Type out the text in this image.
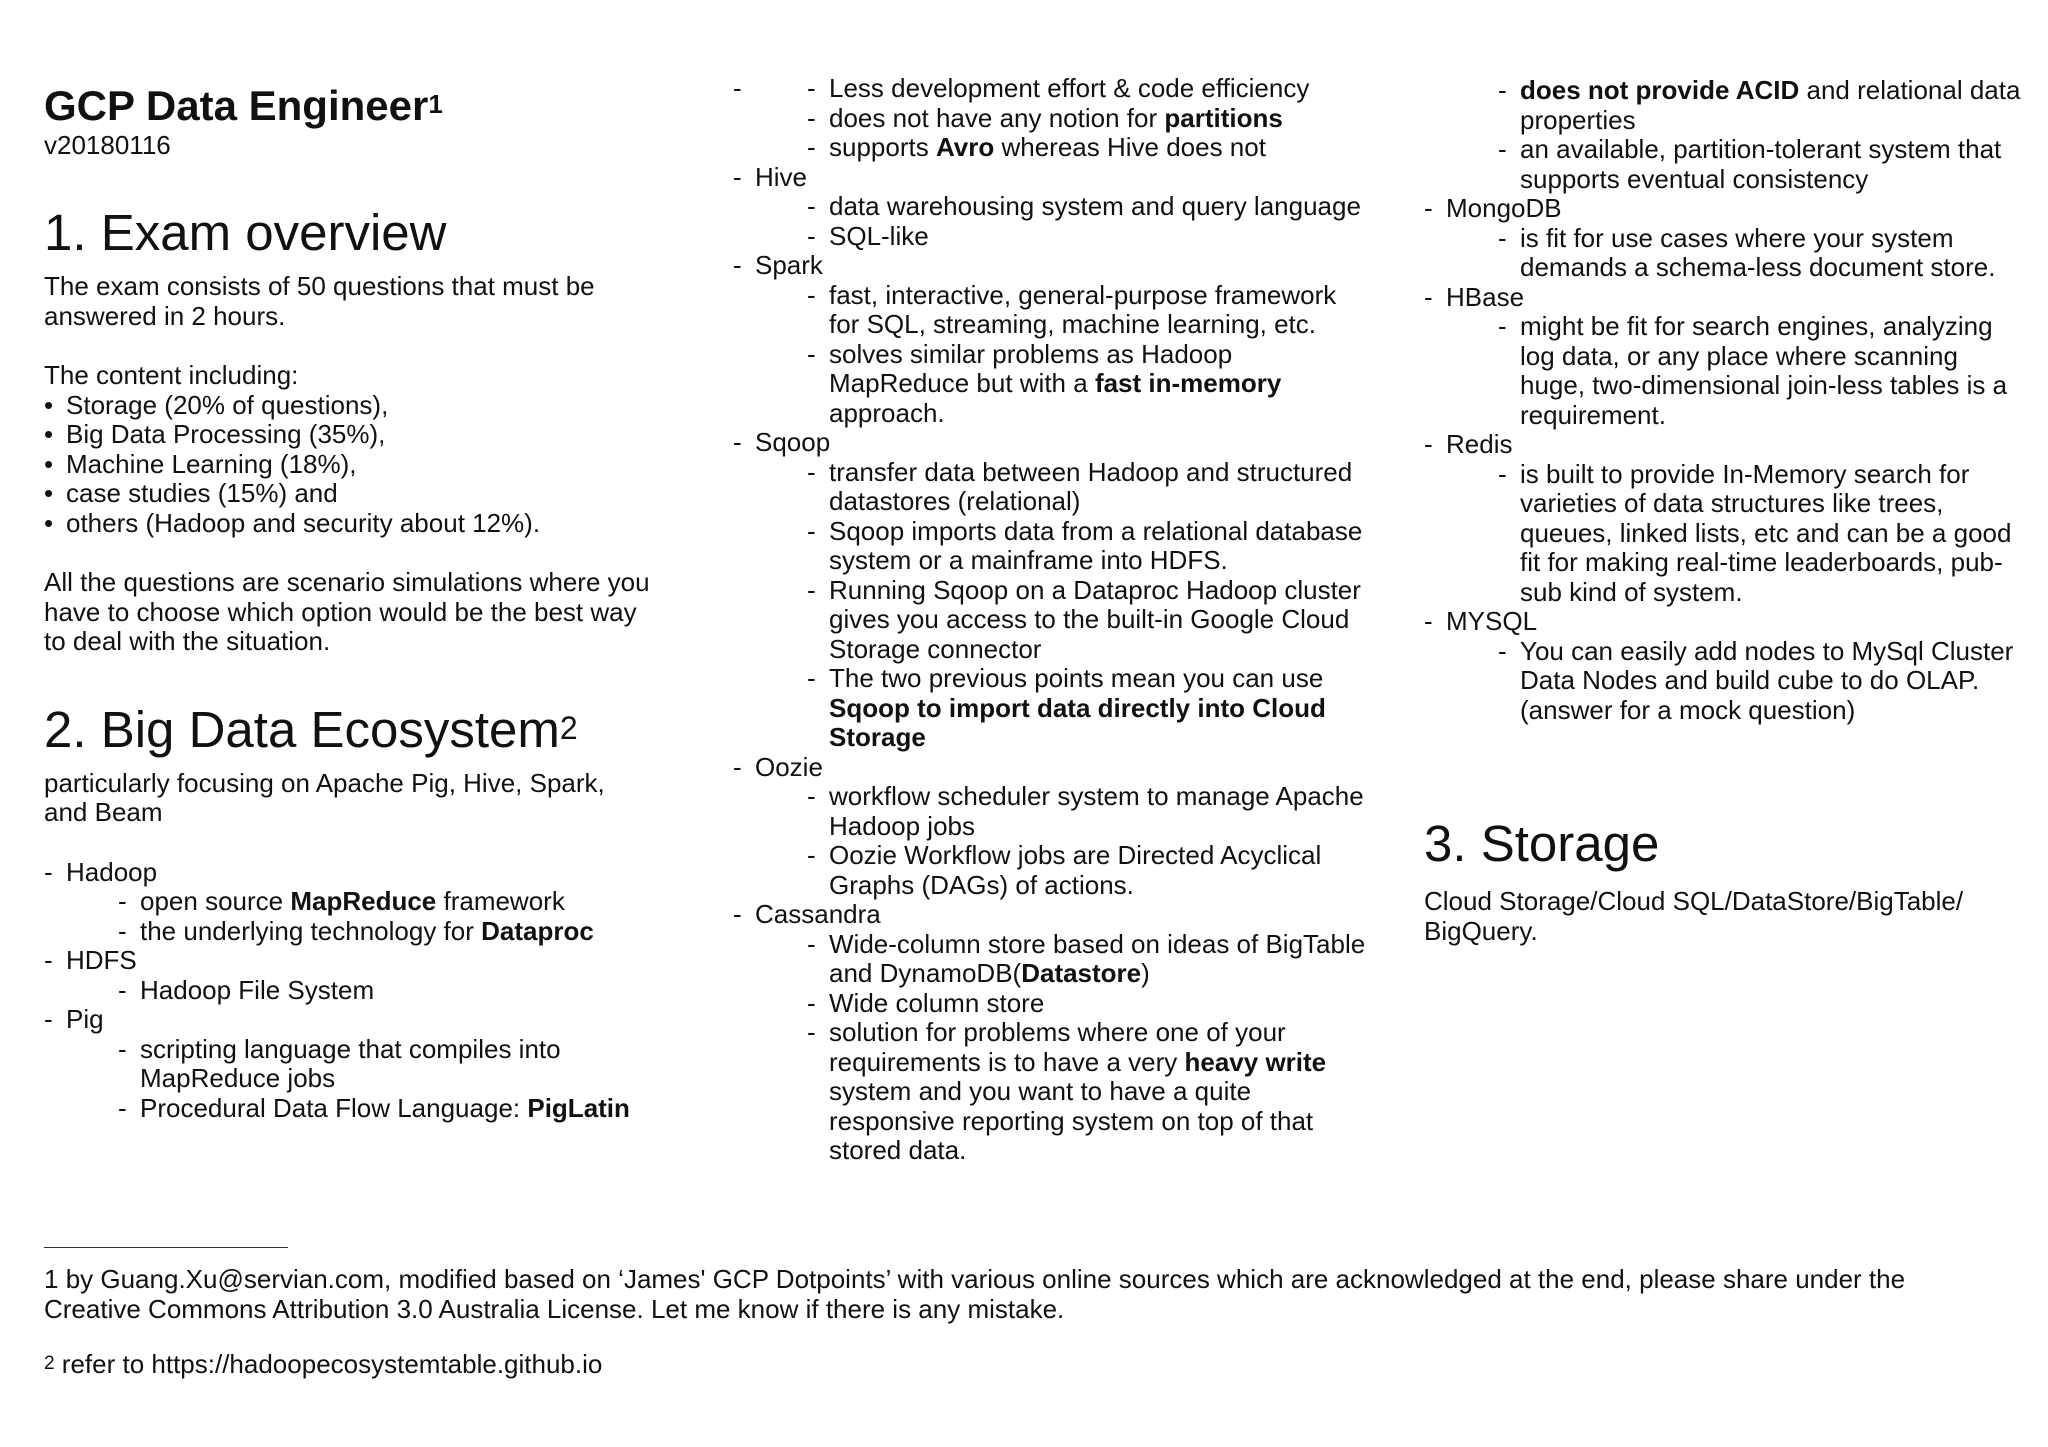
GCP Data Engineer$^1$
v20180116
1. Exam overview

The exam consists of 50 questions that must be answered in 2 hours.

The content including:

• Storage (20% of questions),
• Big Data Processing (35%),
• Machine Learning (18%),
• case studies (15%) and
• others (Hadoop and security about 12%).

All the questions are scenario simulations where you have to choose which option would be the best way to deal with the situation.

2. Big Data Ecosystem$^2$

particularly focusing on Apache Pig, Hive, Spark, and Beam

- Hadoop
- open source MapReduce framework
- the underlying technology for Dataproc
- HDFS
- Hadoop File System
- Pig
- scripting language that compiles into MapReduce jobs
- Procedural Data Flow Language: PigLatin
- - Less development effort & code efficiency
- does not have any notion for partitions
- supports Avro whereas Hive does not
- Hive
- data warehousing system and query language
- SQL-like
- Spark
- fast, interactive, general-purpose framework for SQL, streaming, machine learning, etc.
- solves similar problems as Hadoop MapReduce but with a fast in-memory approach.
- Sqoop
- transfer data between Hadoop and structured datastores (relational)
- Sqoop imports data from a relational database system or a mainframe into HDFS.
- Running Sqoop on a Dataproc Hadoop cluster gives you access to the built-in Google Cloud Storage connector
- The two previous points mean you can use Sqoop to import data directly into Cloud Storage
- Oozie
- workflow scheduler system to manage Apache Hadoop jobs
- Oozie Workflow jobs are Directed Acyclical Graphs (DAGs) of actions.
- Cassandra
- Wide-column store based on ideas of BigTable and DynamoDB(Datastore)
- Wide column store
- solution for problems where one of your requirements is to have a very heavy write system and you want to have a quite responsive reporting system on top of that stored data.
- does not provide ACID and relational data properties
- an available, partition-tolerant system that supports eventual consistency
- MongoDB
- is fit for use cases where your system demands a schema-less document store.
- HBase
- might be fit for search engines, analyzing log data, or any place where scanning huge, two-dimensional join-less tables is a requirement.
- Redis
- is built to provide In-Memory search for varieties of data structures like trees, queues, linked lists, etc and can be a good fit for making real-time leaderboards, pub-sub kind of system.
- MYSQL
- You can easily add nodes to MySql Cluster Data Nodes and build cube to do OLAP. (answer for a mock question)
3. Storage

Cloud Storage/Cloud SQL/DataStore/BigTable/ BigQuery.

1 by Guang.Xu@servian.com, modified based on ‘James' GCP Dotpoints’ with various online sources which are acknowledged at the end, please share under the Creative Commons Attribution 3.0 Australia License. Let me know if there is any mistake.
$^2$ refer to https://hadoopecosystemtable.github.io
